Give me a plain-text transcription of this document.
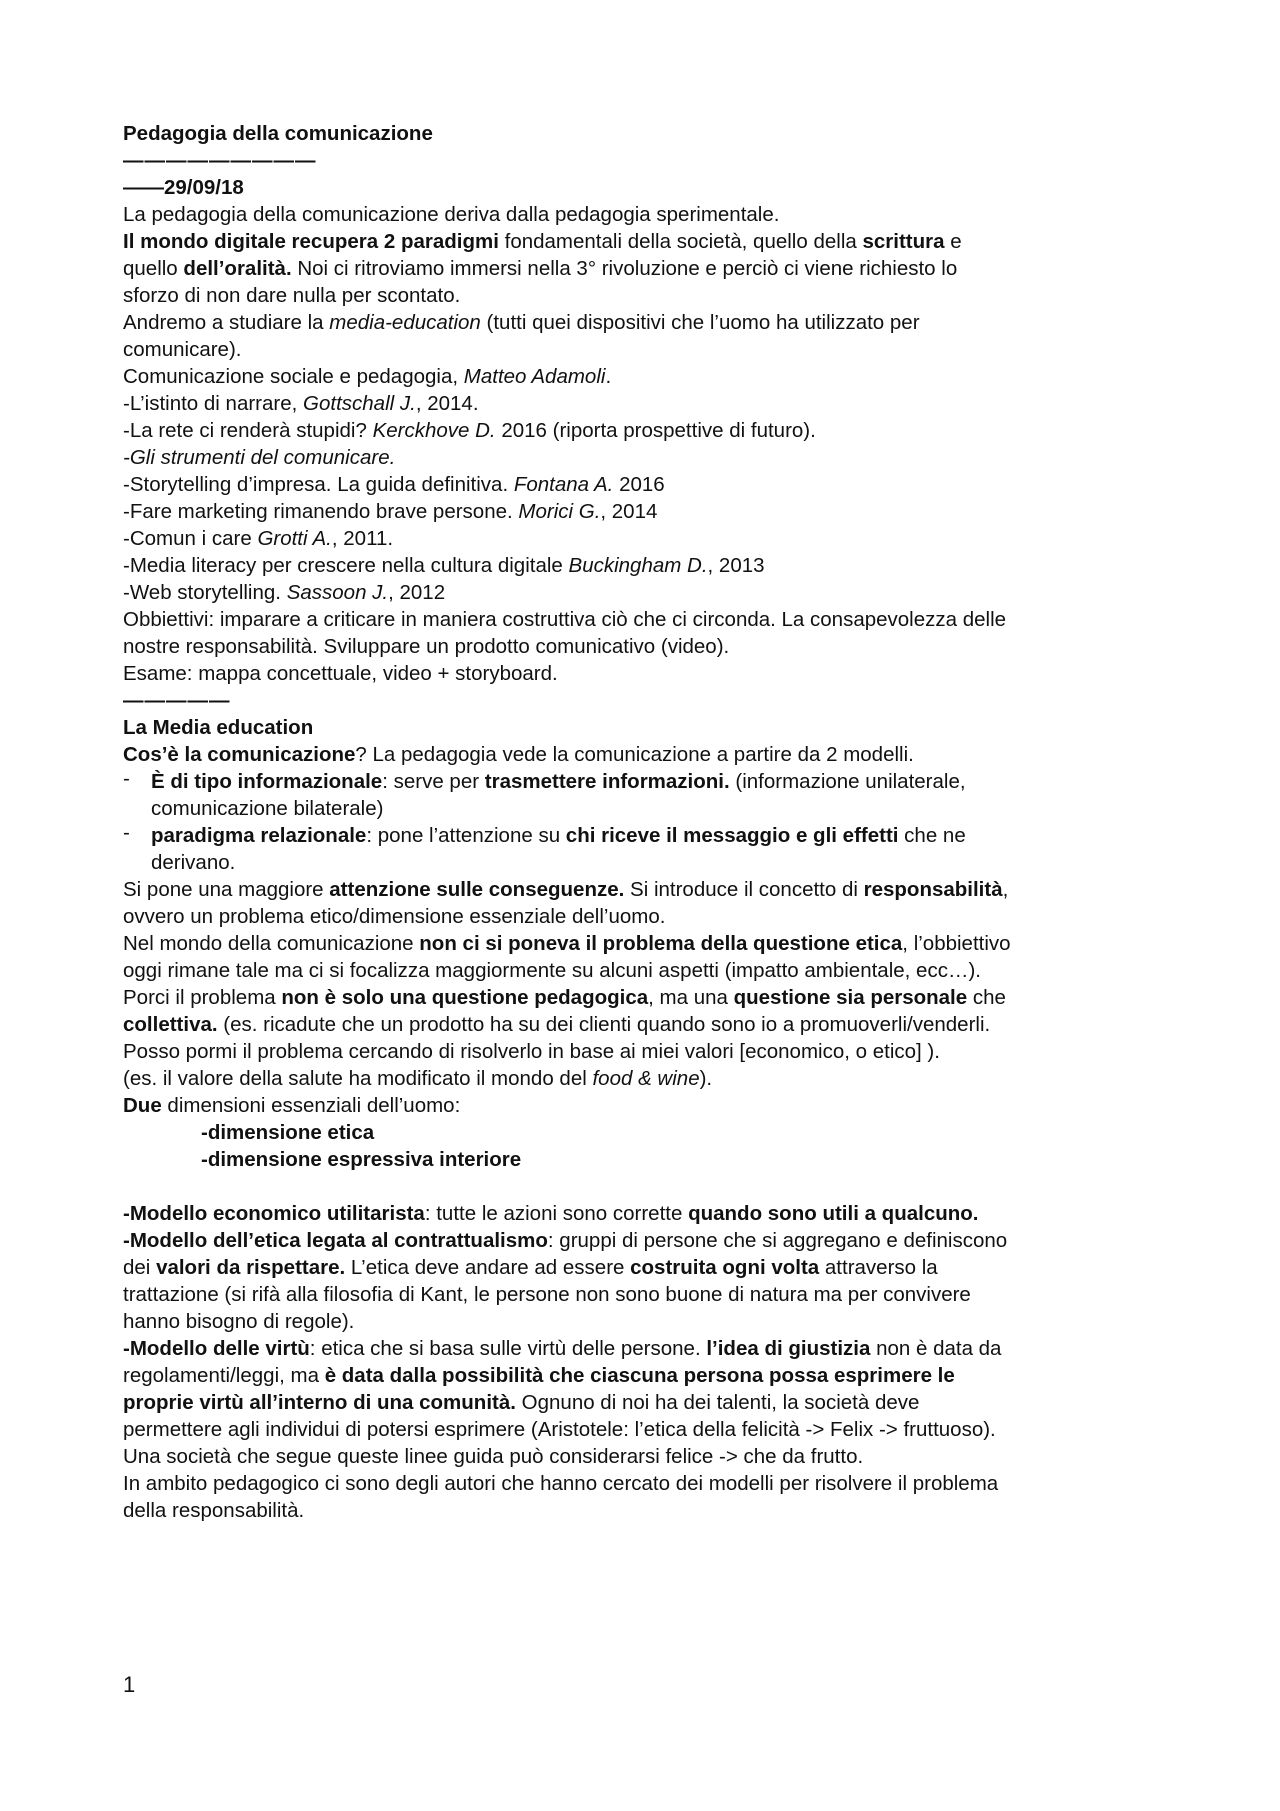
Pedagogia della comunicazione
—————————
——29/09/18
La pedagogia della comunicazione deriva dalla pedagogia sperimentale.
Il mondo digitale recupera 2 paradigmi fondamentali della società, quello della scrittura e
quello dell’oralità. Noi ci ritroviamo immersi nella 3° rivoluzione e perciò ci viene richiesto lo
sforzo di non dare nulla per scontato.
Andremo a studiare la media-education (tutti quei dispositivi che l’uomo ha utilizzato per
comunicare).
Comunicazione sociale e pedagogia, Matteo Adamoli.
-L’istinto di narrare, Gottschall J., 2014.
-La rete ci renderà stupidi? Kerckhove D. 2016 (riporta prospettive di futuro).
-Gli strumenti del comunicare.
-Storytelling d’impresa. La guida definitiva. Fontana A. 2016
-Fare marketing rimanendo brave persone. Morici G., 2014
-Comun i care Grotti A., 2011.
-Media literacy per crescere nella cultura digitale Buckingham D., 2013
-Web storytelling. Sassoon J., 2012
Obbiettivi: imparare a criticare in maniera costruttiva ciò che ci circonda. La consapevolezza delle
nostre responsabilità. Sviluppare un prodotto comunicativo (video).
Esame: mappa concettuale, video + storyboard.
—————
La Media education
Cos’è la comunicazione? La pedagogia vede la comunicazione a partire da 2 modelli.
- È di tipo informazionale: serve per trasmettere informazioni. (informazione unilaterale,
comunicazione bilaterale)
- paradigma relazionale: pone l’attenzione su chi riceve il messaggio e gli effetti che ne
derivano.
Si pone una maggiore attenzione sulle conseguenze. Si introduce il concetto di responsabilità,
ovvero un problema etico/dimensione essenziale dell’uomo.
Nel mondo della comunicazione non ci si poneva il problema della questione etica, l’obbiettivo
oggi rimane tale ma ci si focalizza maggiormente su alcuni aspetti (impatto ambientale, ecc…).
Porci il problema non è solo una questione pedagogica, ma una questione sia personale che
collettiva. (es. ricadute che un prodotto ha su dei clienti quando sono io a promuoverli/venderli.
Posso pormi il problema cercando di risolverlo in base ai miei valori [economico, o etico] ).
(es. il valore della salute ha modificato il mondo del food & wine).
Due dimensioni essenziali dell’uomo:
-dimensione etica
-dimensione espressiva interiore
-Modello economico utilitarista: tutte le azioni sono corrette quando sono utili a qualcuno.
-Modello dell’etica legata al contrattualismo: gruppi di persone che si aggregano e definiscono
dei valori da rispettare. L’etica deve andare ad essere costruita ogni volta attraverso la
trattazione (si rifà alla filosofia di Kant, le persone non sono buone di natura ma per convivere
hanno bisogno di regole).
-Modello delle virtù: etica che si basa sulle virtù delle persone. l’idea di giustizia non è data da
regolamenti/leggi, ma è data dalla possibilità che ciascuna persona possa esprimere le
proprie virtù all’interno di una comunità. Ognuno di noi ha dei talenti, la società deve
permettere agli individui di potersi esprimere (Aristotele: l’etica della felicità -> Felix -> fruttuoso).
Una società che segue queste linee guida può considerarsi felice -> che da frutto.
In ambito pedagogico ci sono degli autori che hanno cercato dei modelli per risolvere il problema
della responsabilità.
1
